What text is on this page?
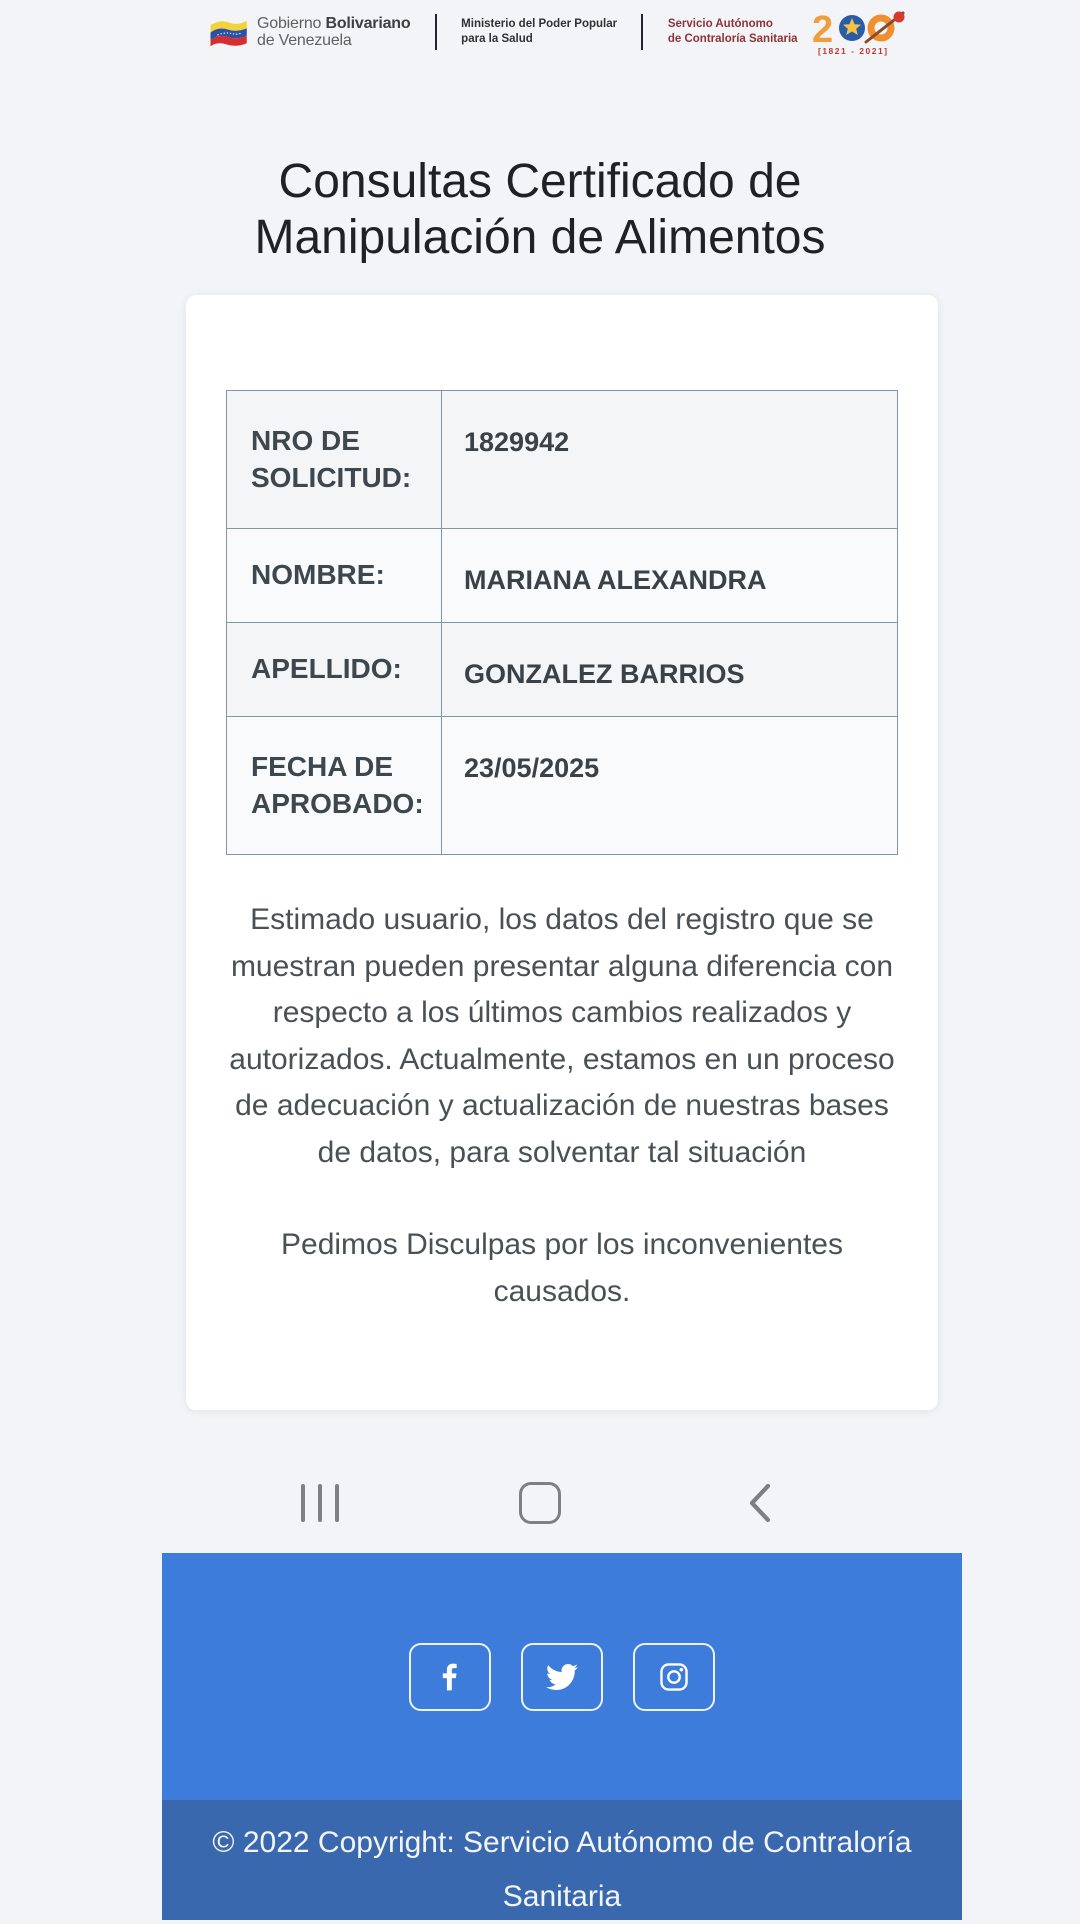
Gobierno Bolivariano
de Venezuela
Ministerio del Poder Popular
para la Salud
Servicio Autónomo
de Contraloría Sanitaria 2
[1821 - 2021]
Consultas Certificado de Manipulación de Alimentos
NRO DE SOLICITUD:	1829942
NOMBRE:	MARIANA ALEXANDRA
APELLIDO:	GONZALEZ BARRIOS
FECHA DE APROBADO:	23/05/2025

Estimado usuario, los datos del registro que se muestran pueden presentar alguna diferencia con respecto a los últimos cambios realizados y autorizados. Actualmente, estamos en un proceso de adecuación y actualización de nuestras bases de datos, para solventar tal situación

Pedimos Disculpas por los inconvenientes causados.

© 2022 Copyright: Servicio Autónomo de Contraloría Sanitaria
